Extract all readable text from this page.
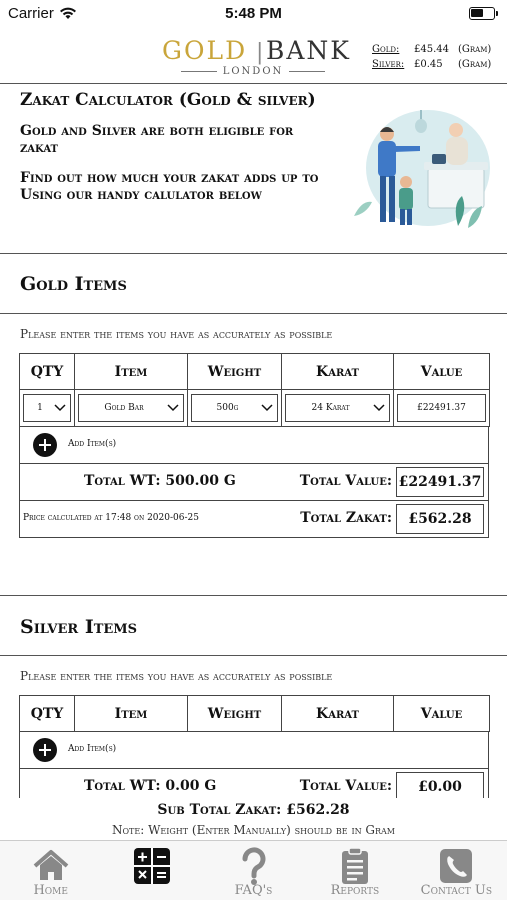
Carrier	5:48 PM
GOLD | BANK
LONDON
Gold:	£45.44 (Gram)
Silver: £0.45	(Gram)
Zakat Calculator (Gold & silver)

Gold and Silver are both eligible for zakat

Find out how much your zakat adds up to Using our handy calulator below

Gold Items
Please enter the items you have as accurately as possible
QTY	Item	Weight	Karat	Value

1	Gold Bar	500g	24 Karat	£22491.37
Add Item(s)
Total WT: 500.00 G	Total Value: £22491.37
Price calculated at 17:48 on 2020-06-25	Total Zakat:	£562.28
Silver Items
Please enter the items you have as accurately as possible
QTY	Item	Weight	Karat	Value
Add Item(s)
Total WT: 0.00 G	Total Value:	£0.00
Sub Total Zakat: £562.28
Note: Weight (Enter Manually) should be in Gram
Home	FAQ's	Reports	Contact Us
